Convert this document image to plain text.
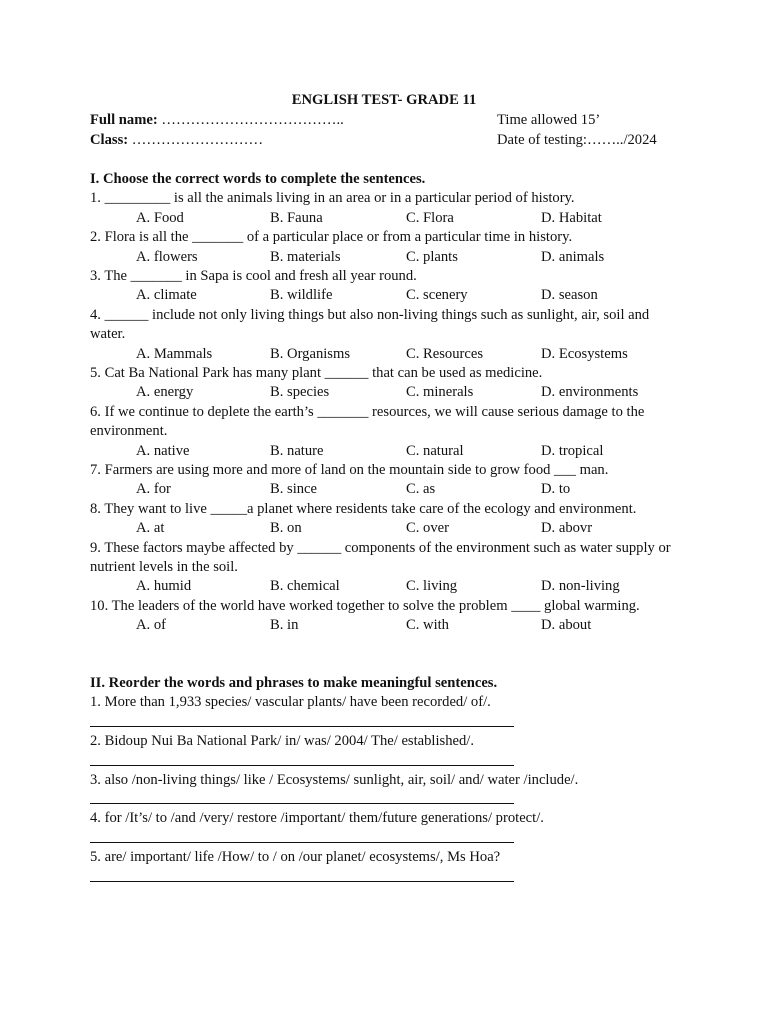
ENGLISH TEST- GRADE 11
Full name: ………………………………..	Time allowed 15’
Class: ………………………	Date of testing:……../2024

I. Choose the correct words to complete the sentences.

1. _________ is all the animals living in an area or in a particular period of history.

A. Food	B. Fauna	C. Flora	D. Habitat

2. Flora is all the _______ of a particular place or from a particular time in history.

A. flowers	B. materials	C. plants	D. animals

3. The _______ in Sapa is cool and fresh all year round.

A. climate	B. wildlife	C. scenery	D. season

4. ______ include not only living things but also non-living things such as sunlight, air, soil and water.

A. Mammals	B. Organisms	C. Resources	D. Ecosystems

5. Cat Ba National Park has many plant ______ that can be used as medicine.

A. energy	B. species	C. minerals	D. environments

6. If we continue to deplete the earth’s _______ resources, we will cause serious damage to the environment.

A. native	B. nature	C. natural	D. tropical

7. Farmers are using more and more of land on the mountain side to grow food ___ man.

A. for	B. since	C. as	D. to

8. They want to live _____a planet where residents take care of the ecology and environment.

A. at	B. on	C. over	D. abovr

9. These factors maybe affected by ______ components of the environment such as water supply or nutrient levels in the soil.

A. humid	B. chemical	C. living	D. non-living

10. The leaders of the world have worked together to solve the problem ____ global warming.

A. of	B. in	C. with	D. about

II. Reorder the words and phrases to make meaningful sentences.

1. More than 1,933 species/ vascular plants/ have been recorded/ of/.

2. Bidoup Nui Ba National Park/ in/ was/ 2004/ The/ established/.

3. also /non-living things/ like / Ecosystems/ sunlight, air, soil/ and/ water /include/.

4. for /It’s/ to /and /very/ restore /important/ them/future generations/ protect/.

5. are/ important/ life /How/ to / on /our planet/ ecosystems/, Ms Hoa?
